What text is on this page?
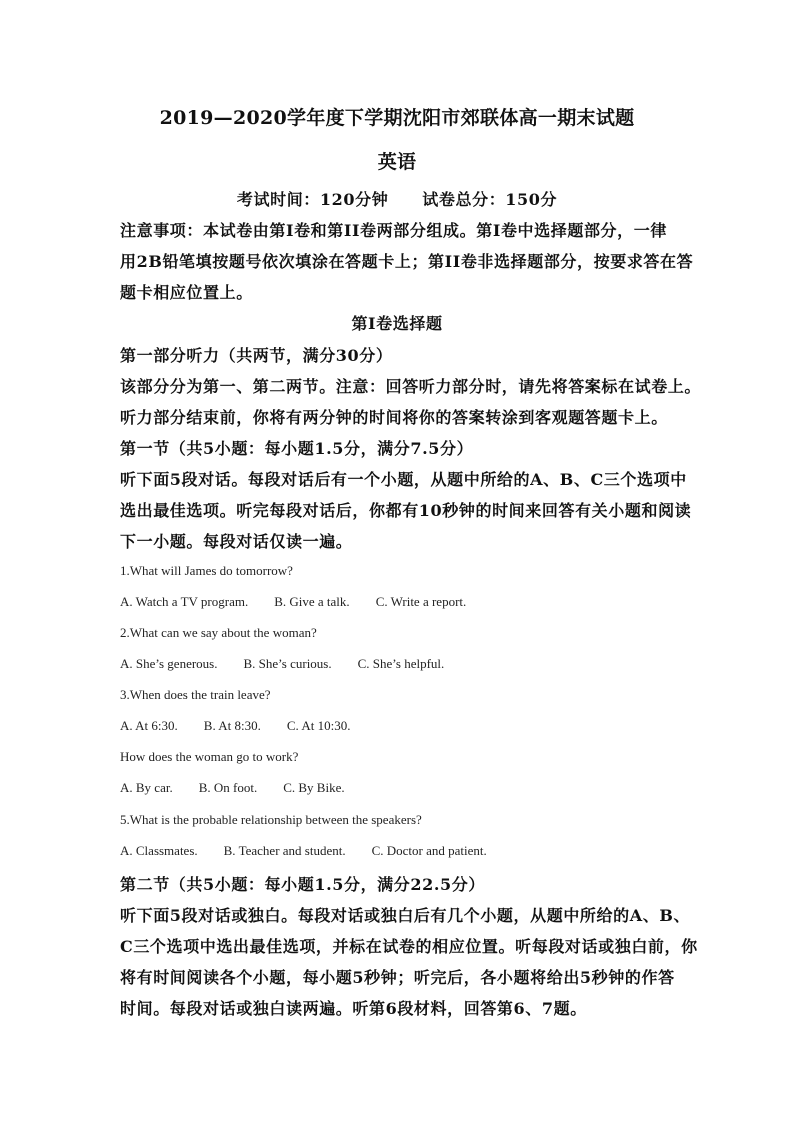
2019—2020学年度下学期沈阳市郊联体高一期末试题
英语
考试时间：120分钟 试卷总分：150分
注意事项：本试卷由第I卷和第II卷两部分组成。第I卷中选择题部分，一律
用2B铅笔填按题号依次填涂在答题卡上；第II卷非选择题部分，按要求答在答
题卡相应位置上。
第I卷选择题
第一部分听力（共两节，满分30分）
该部分分为第一、第二两节。注意：回答听力部分时，请先将答案标在试卷上。
听力部分结束前，你将有两分钟的时间将你的答案转涂到客观题答题卡上。
第一节（共5小题：每小题1.5分，满分7.5分）
听下面5段对话。每段对话后有一个小题，从题中所给的A、B、C三个选项中
选出最佳选项。听完每段对话后，你都有10秒钟的时间来回答有关小题和阅读
下一小题。每段对话仅读一遍。
1.What will James do tomorrow?
A. Watch a TV program. B. Give a talk. C. Write a report.
2.What can we say about the woman?
A. She’s generous. B. She’s curious. C. She’s helpful.
3.When does the train leave?
A. At 6:30. B. At 8:30. C. At 10:30.
How does the woman go to work?
A. By car. B. On foot. C. By Bike.
5.What is the probable relationship between the speakers?
A. Classmates. B. Teacher and student. C. Doctor and patient.
第二节（共5小题：每小题1.5分，满分22.5分）
听下面5段对话或独白。每段对话或独白后有几个小题，从题中所给的A、B、
C三个选项中选出最佳选项，并标在试卷的相应位置。听每段对话或独白前，你
将有时间阅读各个小题，每小题5秒钟；听完后，各小题将给出5秒钟的作答
时间。每段对话或独白读两遍。听第6段材料，回答第6、7题。
